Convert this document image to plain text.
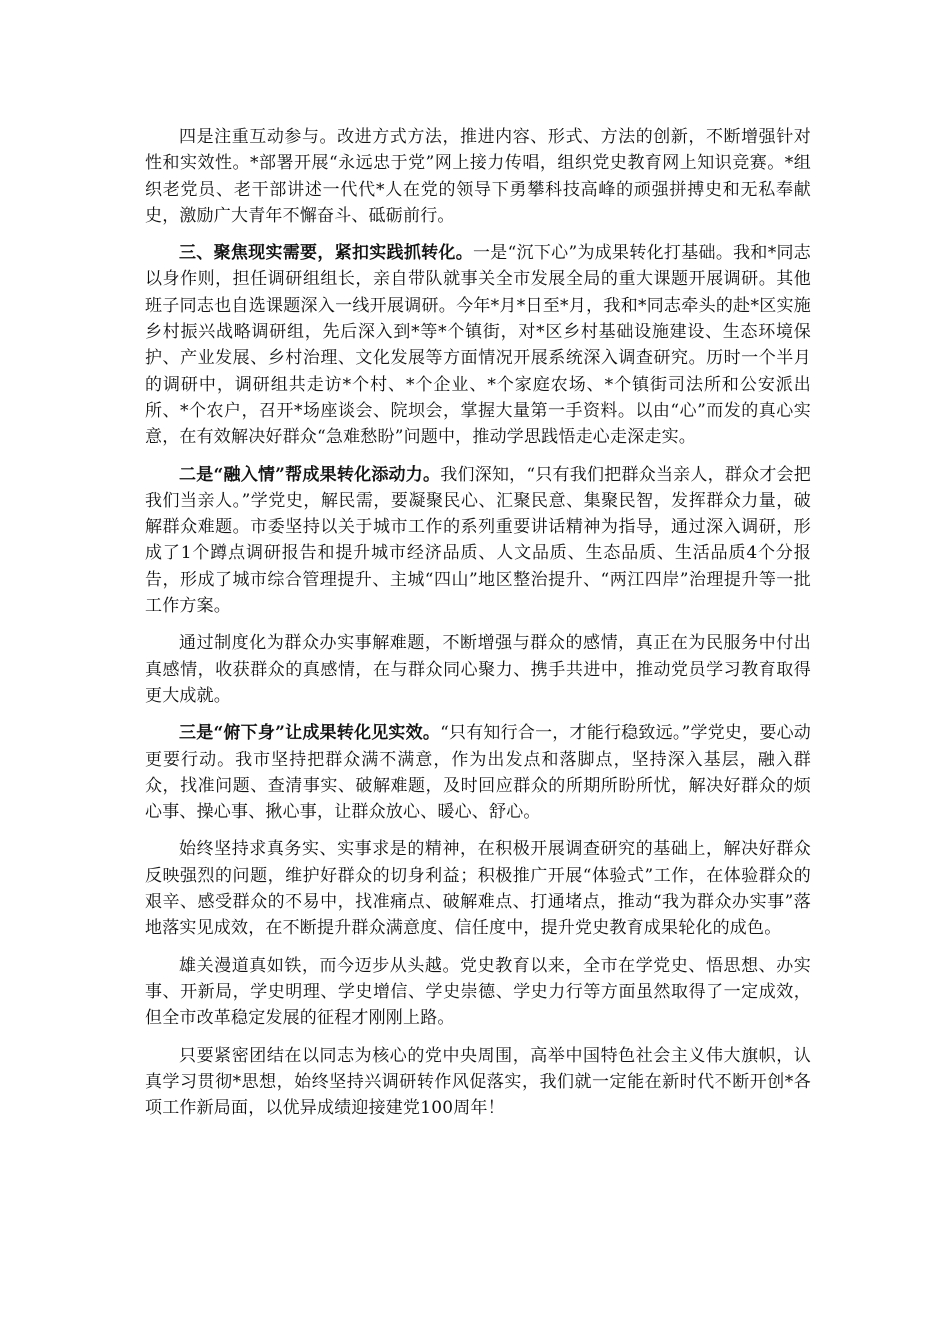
四是注重互动参与。改进方式方法，推进内容、形式、方法的创新，不断增强针对性和实效性。*部署开展“永远忠于党”网上接力传唱，组织党史教育网上知识竞赛。*组织老党员、老干部讲述一代代*人在党的领导下勇攀科技高峰的顽强拼搏史和无私奉献史，激励广大青年不懈奋斗、砥砺前行。

三、聚焦现实需要，紧扣实践抓转化。一是“沉下心”为成果转化打基础。我和*同志以身作则，担任调研组组长，亲自带队就事关全市发展全局的重大课题开展调研。其他班子同志也自选课题深入一线开展调研。今年*月*日至*月，我和*同志牵头的赴*区实施乡村振兴战略调研组，先后深入到*等*个镇街，对*区乡村基础设施建设、生态环境保护、产业发展、乡村治理、文化发展等方面情况开展系统深入调查研究。历时一个半月的调研中，调研组共走访*个村、*个企业、*个家庭农场、*个镇街司法所和公安派出所、*个农户，召开*场座谈会、院坝会，掌握大量第一手资料。以由“心”而发的真心实意，在有效解决好群众“急难愁盼”问题中，推动学思践悟走心走深走实。

二是“融入情”帮成果转化添动力。我们深知，“只有我们把群众当亲人，群众才会把我们当亲人。”学党史，解民需，要凝聚民心、汇聚民意、集聚民智，发挥群众力量，破解群众难题。市委坚持以关于城市工作的系列重要讲话精神为指导，通过深入调研，形成了1个蹲点调研报告和提升城市经济品质、人文品质、生态品质、生活品质4个分报告，形成了城市综合管理提升、主城“四山”地区整治提升、“两江四岸”治理提升等一批工作方案。

通过制度化为群众办实事解难题，不断增强与群众的感情，真正在为民服务中付出真感情，收获群众的真感情，在与群众同心聚力、携手共进中，推动党员学习教育取得更大成就。

三是“俯下身”让成果转化见实效。“只有知行合一，才能行稳致远。”学党史，要心动更要行动。我市坚持把群众满不满意，作为出发点和落脚点，坚持深入基层，融入群众，找准问题、查清事实、破解难题，及时回应群众的所期所盼所忧，解决好群众的烦心事、操心事、揪心事，让群众放心、暖心、舒心。

始终坚持求真务实、实事求是的精神，在积极开展调查研究的基础上，解决好群众反映强烈的问题，维护好群众的切身利益；积极推广开展“体验式”工作，在体验群众的艰辛、感受群众的不易中，找准痛点、破解难点、打通堵点，推动“我为群众办实事”落地落实见成效，在不断提升群众满意度、信任度中，提升党史教育成果轮化的成色。

雄关漫道真如铁，而今迈步从头越。党史教育以来，全市在学党史、悟思想、办实事、开新局，学史明理、学史增信、学史崇德、学史力行等方面虽然取得了一定成效，但全市改革稳定发展的征程才刚刚上路。

只要紧密团结在以同志为核心的党中央周围，高举中国特色社会主义伟大旗帜，认真学习贯彻*思想，始终坚持兴调研转作风促落实，我们就一定能在新时代不断开创*各项工作新局面，以优异成绩迎接建党100周年！
